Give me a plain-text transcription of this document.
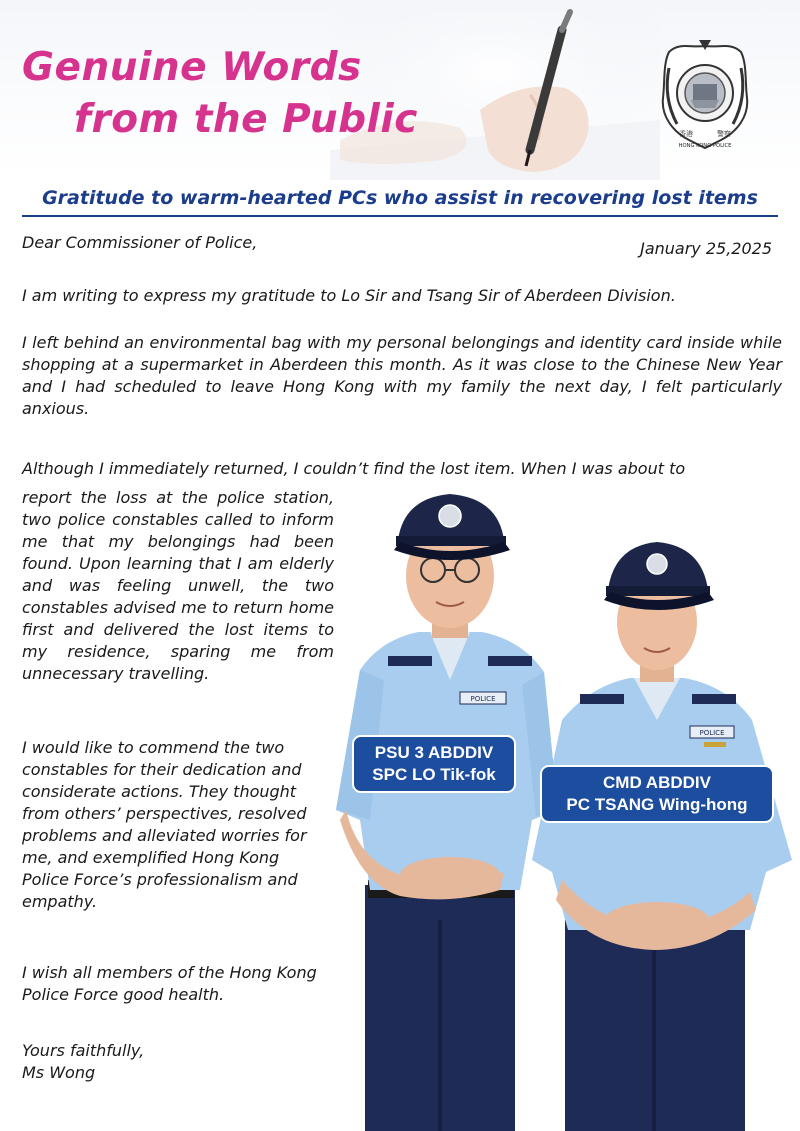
Genuine Words
from the Public	香港	警察
HONG KONG POLICE
Gratitude to warm-hearted PCs who assist in recovering lost items

Dear Commissioner of Police,	January 25,2025

I am writing to express my gratitude to Lo Sir and Tsang Sir of Aberdeen Division.

I left behind an environmental bag with my personal belongings and identity card inside while shopping at a supermarket in Aberdeen this month. As it was close to the Chinese New Year and I had scheduled to leave Hong Kong with my family the next day, I felt particularly anxious.

Although I immediately returned, I couldn’t find the lost item. When I was about to

report the loss at the police station, two police constables called to inform me that my belongings had been found. Upon learning that I am elderly and was feeling unwell, the two constables advised me to return home first and delivered the lost items to my residence, sparing me from unnecessary travelling.

I would like to commend the two constables for their dedication and considerate actions. They thought from others’ perspectives, resolved problems and alleviated worries for me, and exemplified Hong Kong Police Force’s professionalism and empathy.

I wish all members of the Hong Kong Police Force good health.

Yours faithfully,
Ms Wong

POLICE
POLICE
PSU 3 ABDDIV
SPC LO Tik-fok	CMD ABDDIV
PC TSANG Wing-hong
